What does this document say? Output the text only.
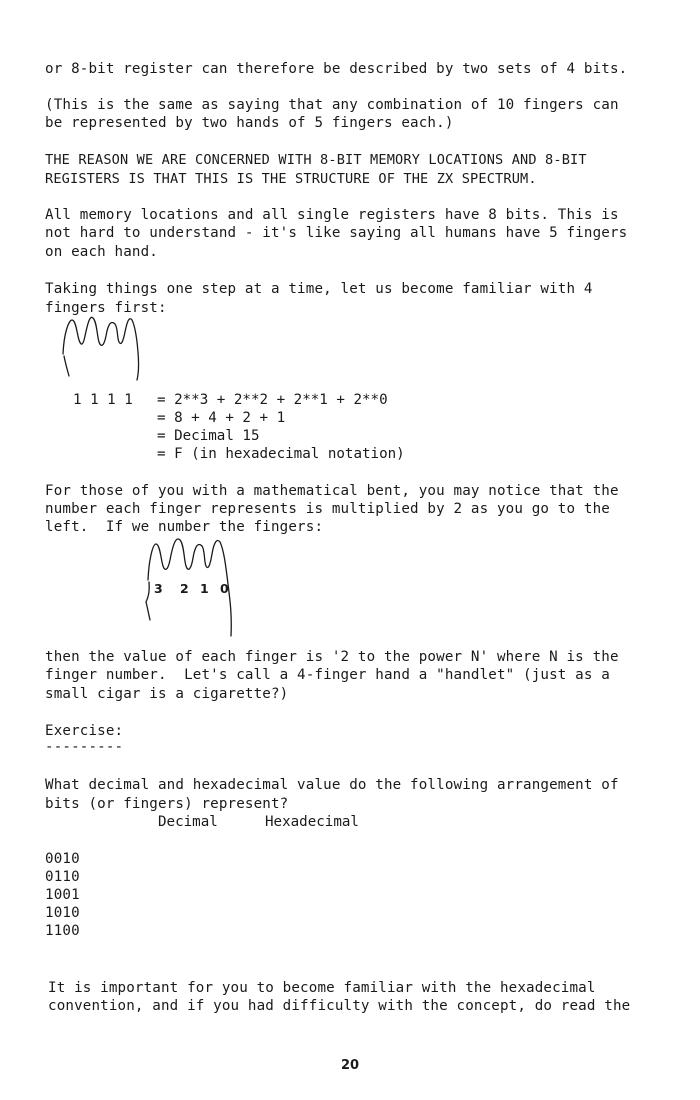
or 8-bit register can therefore be described by two sets of 4 bits.
(This is the same as saying that any combination of 10 fingers can
be represented by two hands of 5 fingers each.)
THE REASON WE ARE CONCERNED WITH 8-BIT MEMORY LOCATIONS AND 8-BIT
REGISTERS IS THAT THIS IS THE STRUCTURE OF THE ZX SPECTRUM.
All memory locations and all single registers have 8 bits. This is
not hard to understand - it's like saying all humans have 5 fingers
on each hand.
Taking things one step at a time, let us become familiar with 4
fingers first:
1 1 1 1 = 2**3 + 2**2 + 2**1 + 2**0
= 8 + 4 + 2 + 1
= Decimal 15
= F (in hexadecimal notation)
For those of you with a mathematical bent, you may notice that the
number each finger represents is multiplied by 2 as you go to the
left.  If we number the fingers:
3 2 1 0
then the value of each finger is '2 to the power N' where N is the
finger number.  Let's call a 4-finger hand a "handlet" (just as a
small cigar is a cigarette?)
Exercise:
---------
What decimal and hexadecimal value do the following arrangement of
bits (or fingers) represent?
Decimal	Hexadecimal
0010
0110
1001
1010
1100
It is important for you to become familiar with the hexadecimal
convention, and if you had difficulty with the concept, do read the
20
